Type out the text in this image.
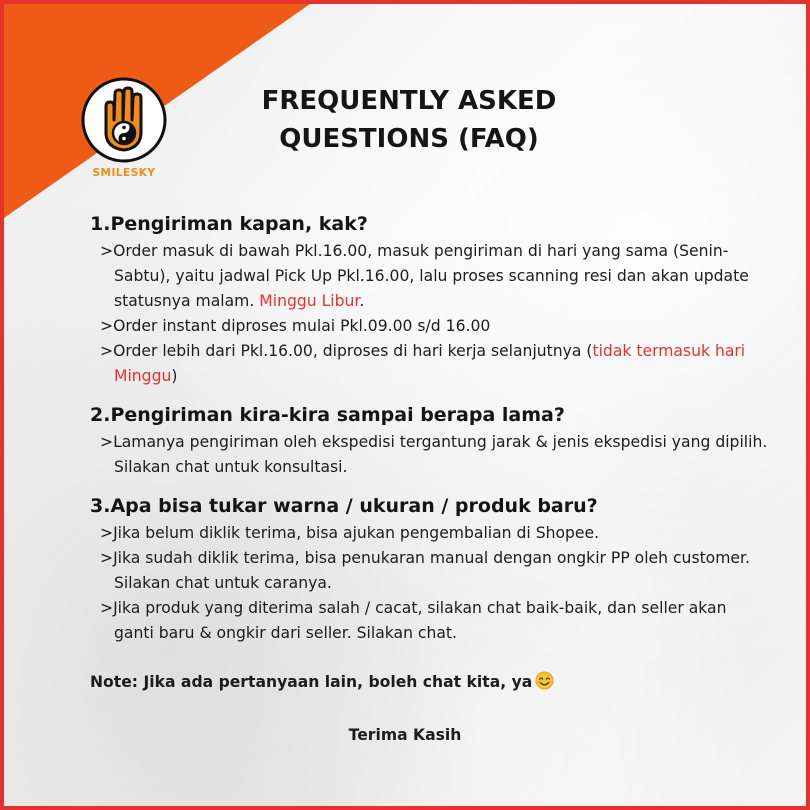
SMILESKY
FREQUENTLY ASKED
QUESTIONS (FAQ)

1.Pengiriman kapan, kak?

>Order masuk di bawah Pkl.16.00, masuk pengiriman di hari yang sama (Senin-Sabtu), yaitu jadwal Pick Up Pkl.16.00, lalu proses scanning resi dan akan update statusnya malam. Minggu Libur.

>Order instant diproses mulai Pkl.09.00 s/d 16.00

>Order lebih dari Pkl.16.00, diproses di hari kerja selanjutnya (tidak termasuk hari Minggu)

2.Pengiriman kira-kira sampai berapa lama?

>Lamanya pengiriman oleh ekspedisi tergantung jarak & jenis ekspedisi yang dipilih. Silakan chat untuk konsultasi.

3.Apa bisa tukar warna / ukuran / produk baru?

>Jika belum diklik terima, bisa ajukan pengembalian di Shopee.

>Jika sudah diklik terima, bisa penukaran manual dengan ongkir PP oleh customer. Silakan chat untuk caranya.

>Jika produk yang diterima salah / cacat, silakan chat baik-baik, dan seller akan ganti baru & ongkir dari seller. Silakan chat.

Note: Jika ada pertanyaan lain, boleh chat kita, ya

Terima Kasih
